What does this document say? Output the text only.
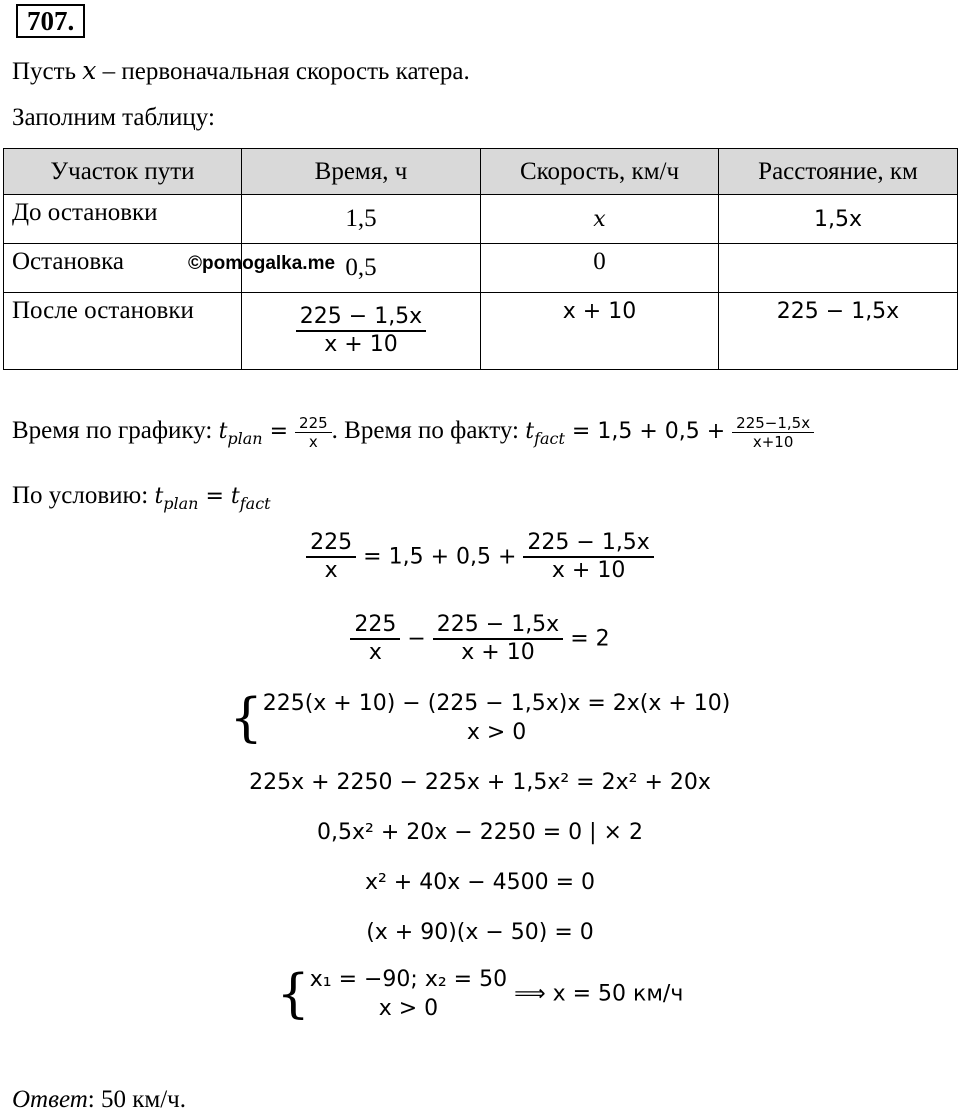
707.
Пусть x – первоначальная скорость катера.
Заполним таблицу:
Участок пути	Время, ч	Скорость, км/ч	Расстояние, км
До остановки	1,5	x	1,5x
Остановка	0,5	0	
После остановки	$\frac{225 - 1,5x}{x + 10}$	x + 10	225 − 1,5x
©pomogalka.me
Время по графику: $t_{plan} = \frac{225}{x}$ . Время по факту: $t_{fact} = 1,5 + 0,5 + \frac{225-1,5x}{x+10}$
По условию: $t_{plan} = t_{fact}$
$\frac{225}{x} = 1,5 + 0,5 + \frac{225 - 1,5x}{x + 10}$
$\frac{225}{x} - \frac{225 - 1,5x}{x + 10} = 2$
{ 225(x + 10) − (225 − 1,5x)x = 2x(x + 10)
x > 0
225x + 2250 − 225x + 1,5x² = 2x² + 20x
0,5x² + 20x − 2250 = 0 | × 2
x² + 40x − 4500 = 0
(x + 90)(x − 50) = 0
{ x₁ = −90; x₂ = 50
x > 0
⟹ x = 50 км/ч
Ответ: 50 км/ч.
